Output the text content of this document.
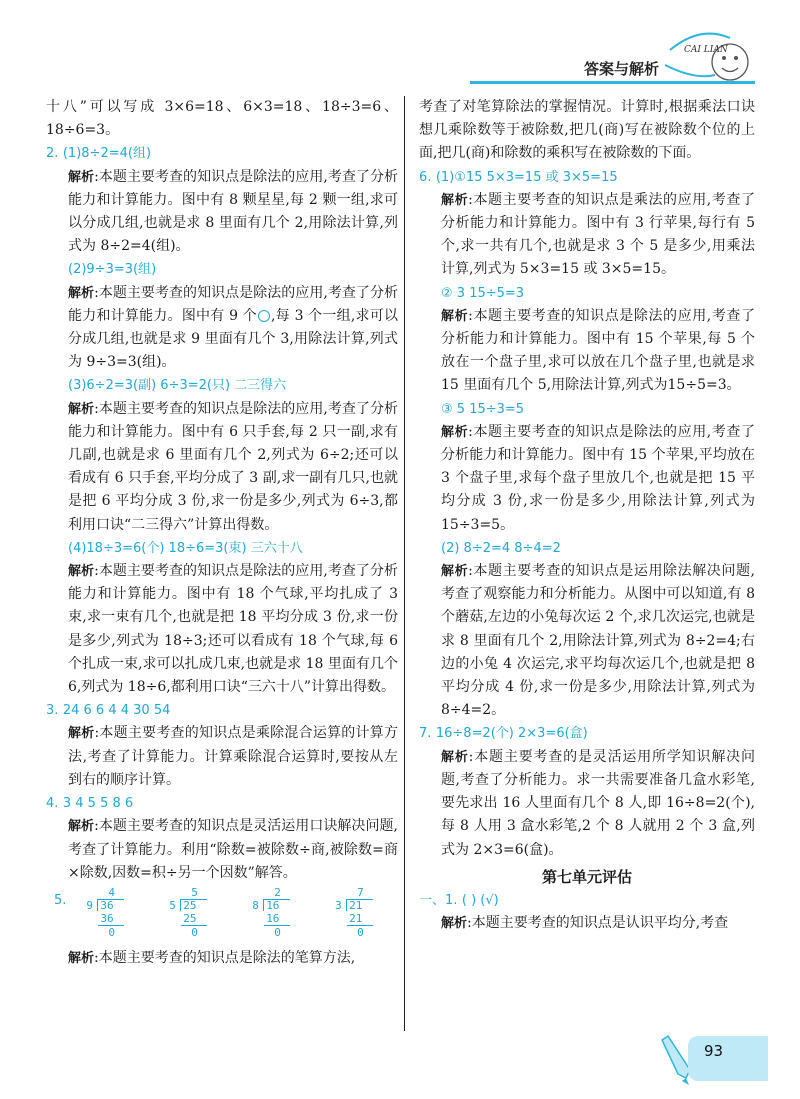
CAI LIAN
答案与解析

十八”可以写成 3×6=18、6×3=18、18÷3=6、18÷6=3。

2. (1)8÷2=4(组)

解析:本题主要考查的知识点是除法的应用,考查了分析能力和计算能力。图中有 8 颗星星,每 2 颗一组,求可以分成几组,也就是求 8 里面有几个 2,用除法计算,列式为 8÷2=4(组)。

(2)9÷3=3(组)

解析:本题主要考查的知识点是除法的应用,考查了分析能力和计算能力。图中有 9 个 ,每 3 个一组,求可以分成几组,也就是求 9 里面有几个 3,用除法计算,列式为 9÷3=3(组)。

(3)6÷2=3(副) 6÷3=2(只) 二三得六

解析:本题主要考查的知识点是除法的应用,考查了分析能力和计算能力。图中有 6 只手套,每 2 只一副,求有几副,也就是求 6 里面有几个 2,列式为 6÷2;还可以看成有 6 只手套,平均分成了 3 副,求一副有几只,也就是把 6 平均分成 3 份,求一份是多少,列式为 6÷3,都利用口诀“二三得六”计算出得数。

(4)18÷3=6(个) 18÷6=3(束) 三六十八

解析:本题主要考查的知识点是除法的应用,考查了分析能力和计算能力。图中有 18 个气球,平均扎成了 3 束,求一束有几个,也就是把 18 平均分成 3 份,求一份是多少,列式为 18÷3;还可以看成有 18 个气球,每 6 个扎成一束,求可以扎成几束,也就是求 18 里面有几个 6,列式为 18÷6,都利用口诀“三六十八”计算出得数。

3. 24 6 6 4 4 30 54

解析:本题主要考查的知识点是乘除混合运算的计算方法,考查了计算能力。计算乘除混合运算时,要按从左到右的顺序计算。

4. 3 4 5 5 8 6

解析:本题主要考查的知识点是灵活运用口诀解决问题,考查了计算能力。利用“除数=被除数÷商,被除数=商×除数,因数=积÷另一个因数”解答。

5.
4
9 36
36
0
5
5 25
25
0
2
8 16
16
0
7
3 21
21
0

解析:本题主要考查的知识点是除法的笔算方法,

考查了对笔算除法的掌握情况。计算时,根据乘法口诀想几乘除数等于被除数,把几(商)写在被除数个位的上面,把几(商)和除数的乘积写在被除数的下面。

6. (1)①15 5×3=15 或 3×5=15

解析:本题主要考查的知识点是乘法的应用,考查了分析能力和计算能力。图中有 3 行苹果,每行有 5 个,求一共有几个,也就是求 3 个 5 是多少,用乘法计算,列式为 5×3=15 或 3×5=15。

② 3 15÷5=3

解析:本题主要考查的知识点是除法的应用,考查了分析能力和计算能力。图中有 15 个苹果,每 5 个放在一个盘子里,求可以放在几个盘子里,也就是求 15 里面有几个 5,用除法计算,列式为15÷5=3。

③ 5 15÷3=5

解析:本题主要考查的知识点是除法的应用,考查了分析能力和计算能力。图中有 15 个苹果,平均放在 3 个盘子里,求每个盘子里放几个,也就是把 15 平均分成 3 份,求一份是多少,用除法计算,列式为 15÷3=5。

(2) 8÷2=4 8÷4=2

解析:本题主要考查的知识点是运用除法解决问题,考查了观察能力和分析能力。从图中可以知道,有 8 个蘑菇,左边的小兔每次运 2 个,求几次运完,也就是求 8 里面有几个 2,用除法计算,列式为 8÷2=4;右边的小兔 4 次运完,求平均每次运几个,也就是把 8 平均分成 4 份,求一份是多少,用除法计算,列式为 8÷4=2。

7. 16÷8=2(个) 2×3=6(盒)

解析:本题主要考查的是灵活运用所学知识解决问题,考查了分析能力。求一共需要准备几盒水彩笔,要先求出 16 人里面有几个 8 人,即 16÷8=2(个),每 8 人用 3 盒水彩笔,2 个 8 人就用 2 个 3 盒,列式为 2×3=6(盒)。

第七单元评估

一、1. ( ) (√)

解析:本题主要考查的知识点是认识平均分,考查

93
